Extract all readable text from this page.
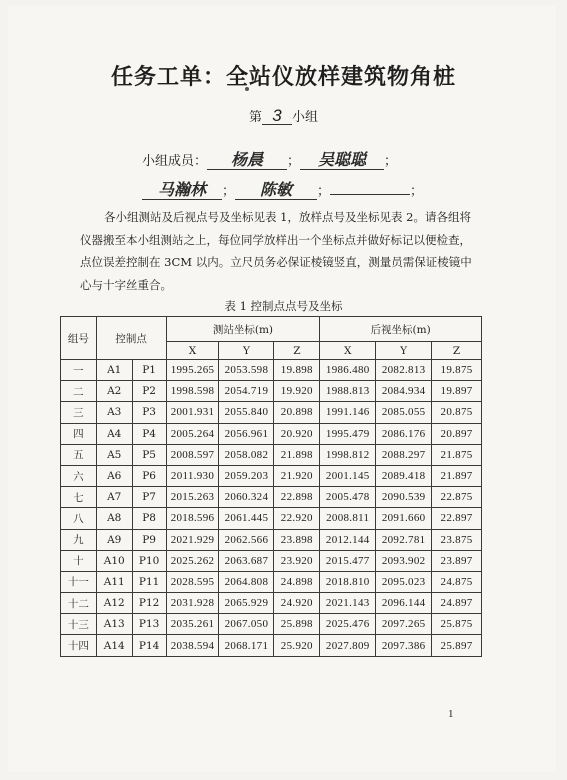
任务工单：全站仪放样建筑物角桩
第 3 小组
小组成员： 杨晨 ； 吴聪聪 ；
马瀚林 ； 陈敏 ；	；
各小组测站及后视点号及坐标见表 1，放样点号及坐标见表 2。请各组将仪器搬至本小组测站之上，每位同学放样出一个坐标点并做好标记以便检查，点位误差控制在 3CM 以内。立尺员务必保证棱镜竖直，测量员需保证棱镜中心与十字丝重合。
表 1 控制点点号及坐标
组号	控制点		测站坐标(m)			后视坐标(m)		
			X	Y	Z	X	Y	Z
一	A1	P1	1995.265	2053.598	19.898	1986.480	2082.813	19.875
二	A2	P2	1998.598	2054.719	19.920	1988.813	2084.934	19.897
三	A3	P3	2001.931	2055.840	20.898	1991.146	2085.055	20.875
四	A4	P4	2005.264	2056.961	20.920	1995.479	2086.176	20.897
五	A5	P5	2008.597	2058.082	21.898	1998.812	2088.297	21.875
六	A6	P6	2011.930	2059.203	21.920	2001.145	2089.418	21.897
七	A7	P7	2015.263	2060.324	22.898	2005.478	2090.539	22.875
八	A8	P8	2018.596	2061.445	22.920	2008.811	2091.660	22.897
九	A9	P9	2021.929	2062.566	23.898	2012.144	2092.781	23.875
十	A10	P10	2025.262	2063.687	23.920	2015.477	2093.902	23.897
十一	A11	P11	2028.595	2064.808	24.898	2018.810	2095.023	24.875
十二	A12	P12	2031.928	2065.929	24.920	2021.143	2096.144	24.897
十三	A13	P13	2035.261	2067.050	25.898	2025.476	2097.265	25.875
十四	A14	P14	2038.594	2068.171	25.920	2027.809	2097.386	25.897
1
